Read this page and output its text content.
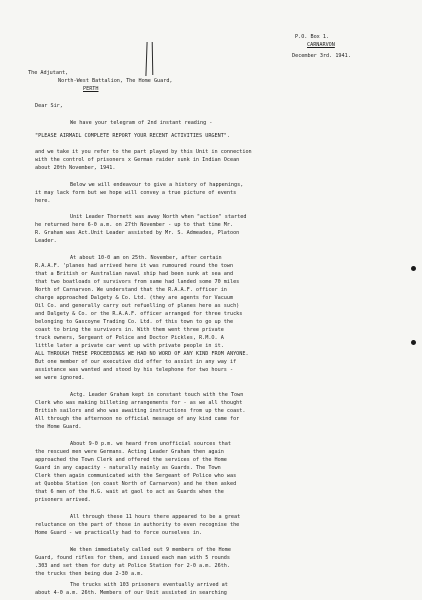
P.O. Box 1.
CARNARVON
December 3rd. 1941.
The Adjutant,
North-West Battalion, The Home Guard,
PERTH
Dear Sir,
We have your telegram of 2nd instant reading -
"PLEASE AIRMAIL COMPLETE REPORT YOUR RECENT ACTIVITIES URGENT".
and we take it you refer to the part played by this Unit in connection
with the control of prisoners x German raider sunk in Indian Ocean
about 20th November, 1941.
Below we will endeavour to give a history of happenings,
it may lack form but we hope will convey a true picture of events
here.
Unit Leader Thornett was away North when "action" started
he returned here 6-0 a.m. on 27th November - up to that time Mr.
R. Graham was Act.Unit Leader assisted by Mr. S. Admeades, Platoon
Leader.
At about 10-0 am on 25th. November, after certain
R.A.A.F. 'planes had arrived here it was rumoured round the town
that a British or Australian naval ship had been sunk at sea and
that two boatloads of survivors from same had landed some 70 miles
North of Carnarvon. We understand that the R.A.A.F. officer in
charge approached Dalgety & Co. Ltd. (they are agents for Vacuum
Oil Co. and generally carry out refuelling of planes here as such)
and Dalgety & Co. or the R.A.A.F. officer arranged for three trucks
belonging to Gascoyne Trading Co. Ltd. of this town to go up the
coast to bring the survivors in. With them went three private
truck owners, Sergeant of Police and Doctor Pickles, R.M.O. A
little later a private car went up with private people in it.
ALL THROUGH THESE PROCEEDINGS WE HAD NO WORD OF ANY KIND FROM ANYONE.
But one member of our executive did offer to assist in any way if
assistance was wanted and stood by his telephone for two hours -
we were ignored.
Actg. Leader Graham kept in constant touch with the Town
Clerk who was making billeting arrangements for - as we all thought
British sailors and who was awaiting instructions from up the coast.
All through the afternoon no official message of any kind came for
the Home Guard.
About 9-0 p.m. we heard from unofficial sources that
the rescued men were Germans. Acting Leader Graham then again
approached the Town Clerk and offered the services of the Home
Guard in any capacity - naturally mainly as Guards. The Town
Clerk then again communicated with the Sergeant of Police who was
at Quobba Station (on coast North of Carnarvon) and he then asked
that 6 men of the H.G. wait at gaol to act as Guards when the
prisoners arrived.
All through these 11 hours there appeared to be a great
reluctance on the part of those in authority to even recognise the
Home Guard - we practically had to force ourselves in.
We then immediately called out 9 members of the Home
Guard, found rifles for them, and issued each man with 5 rounds
.303 and set them for duty at Police Station for 2-0 a.m. 26th.
the trucks then being due 2-30 a.m.
The trucks with 103 prisoners eventually arrived at
about 4-0 a.m. 26th. Members of our Unit assisted in searching
